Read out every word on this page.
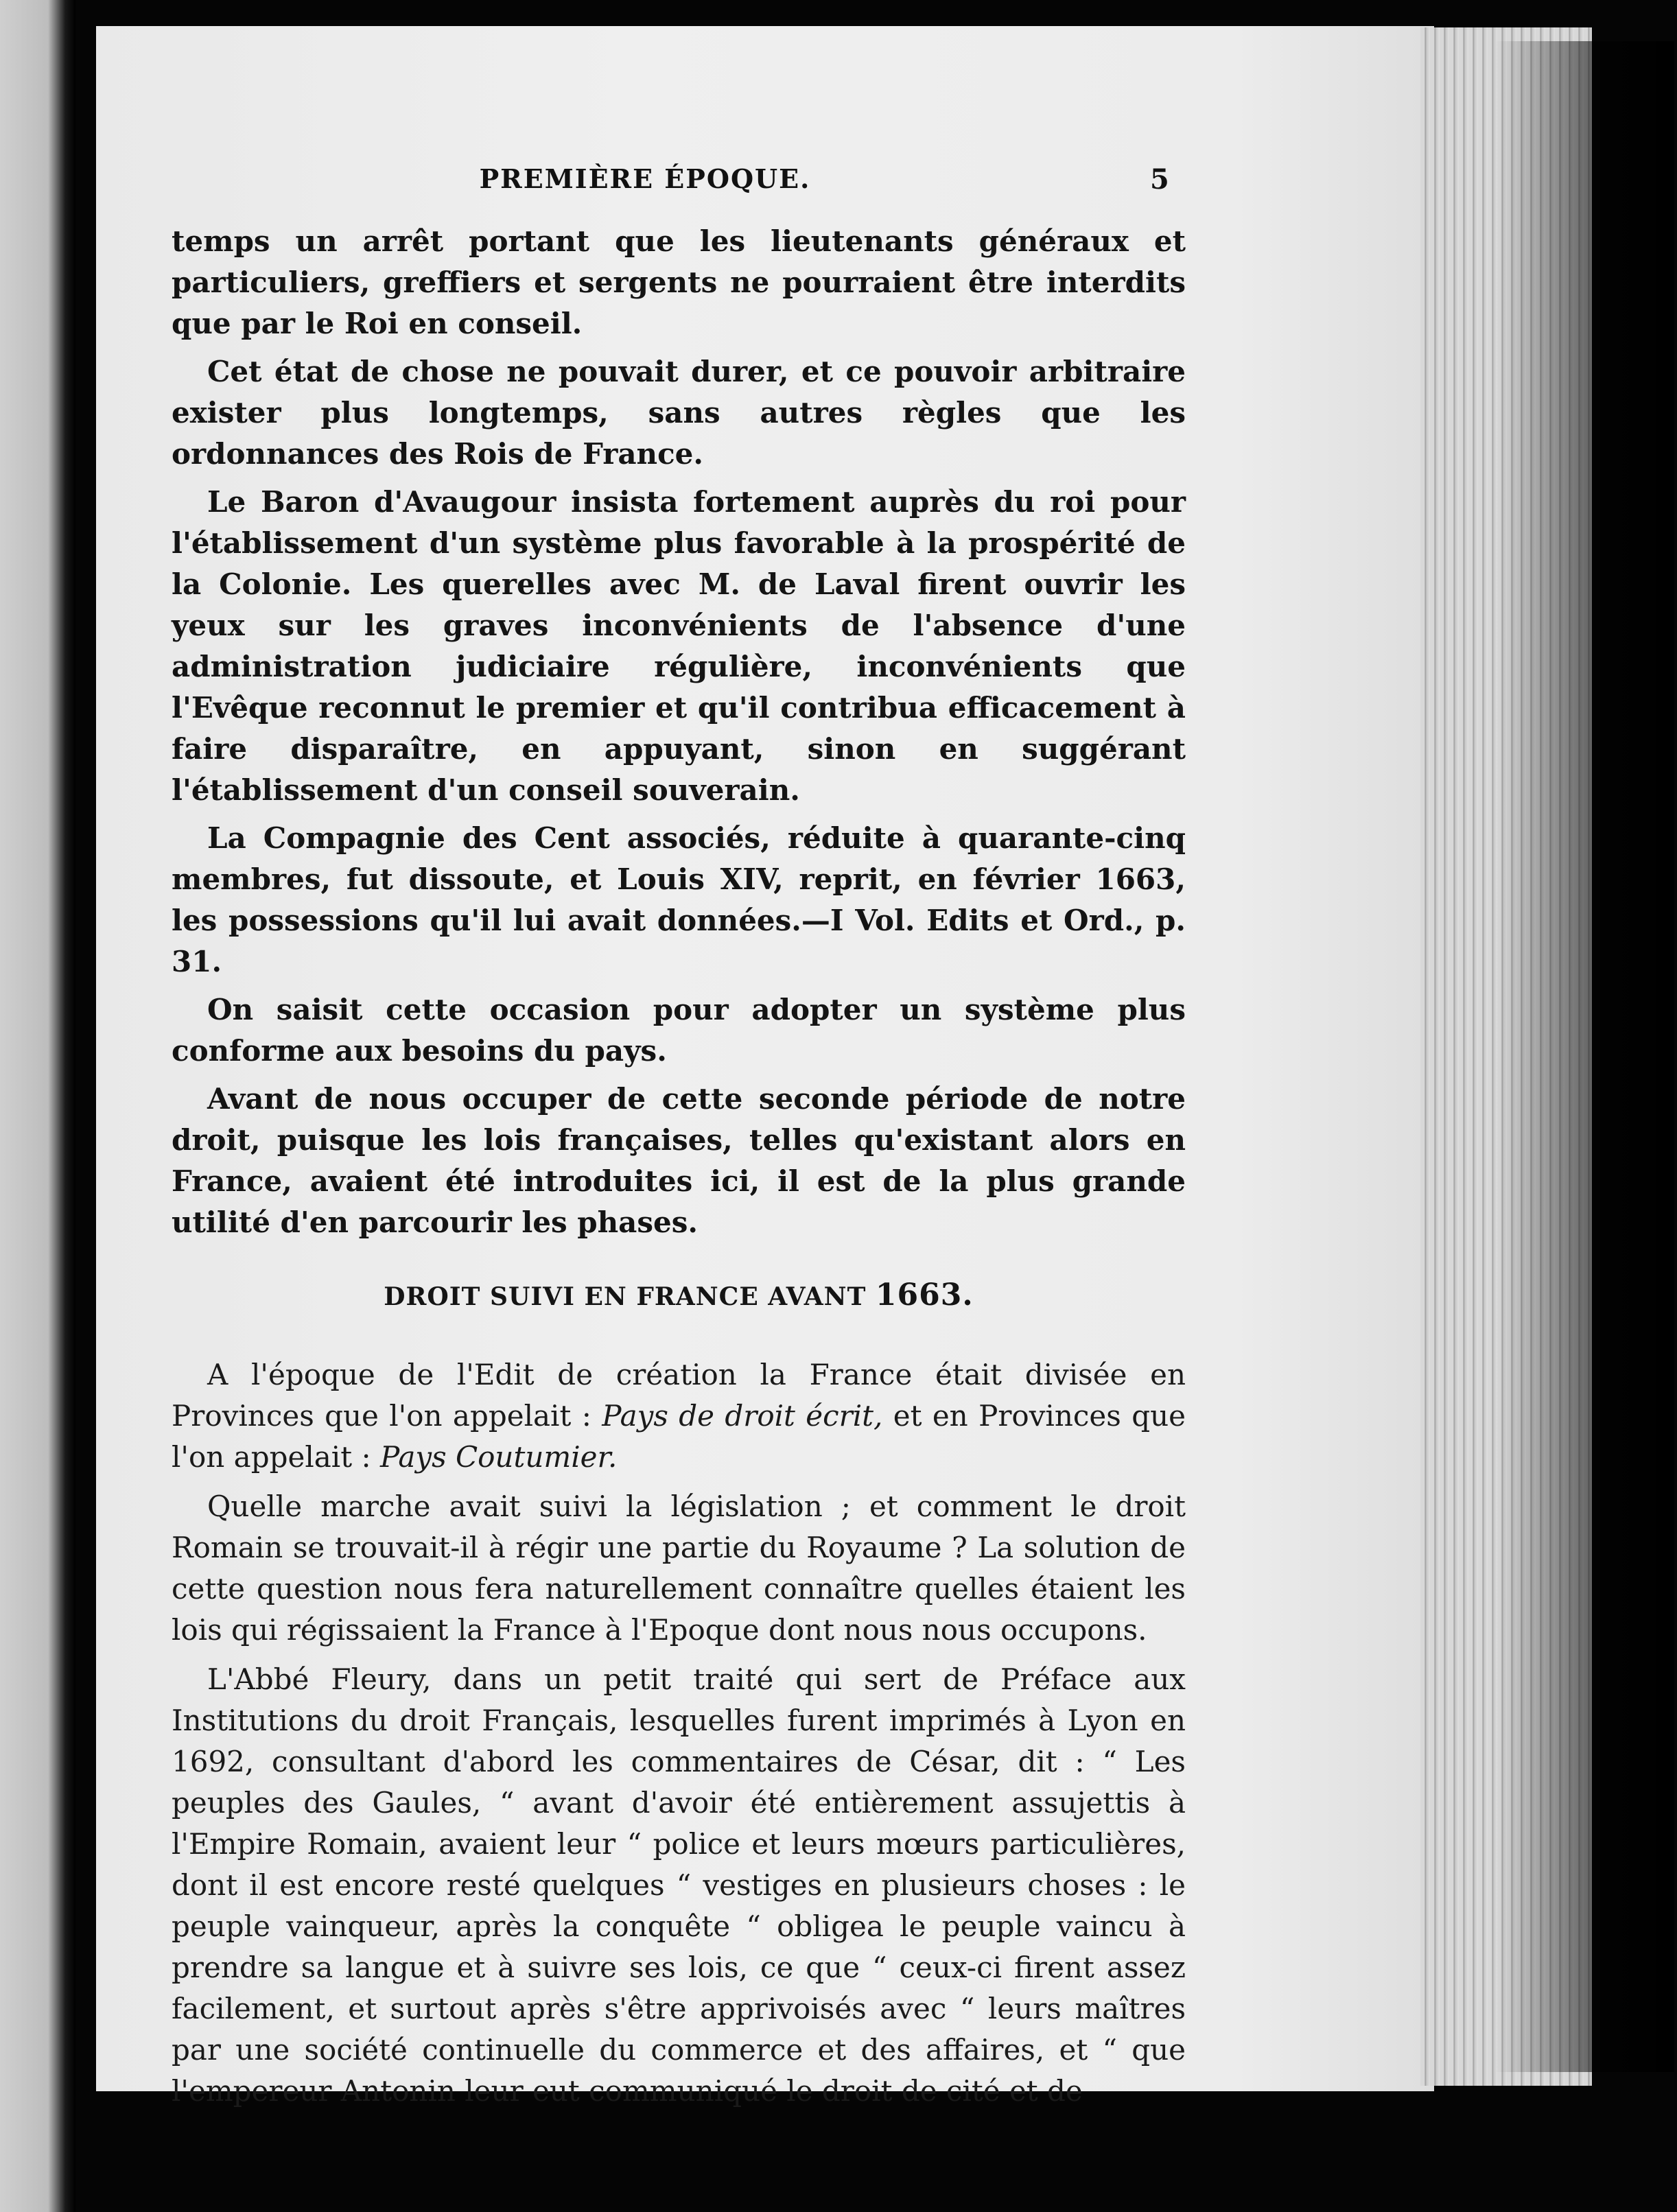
PREMIÈRE ÉPOQUE.	5

temps un arrêt portant que les lieutenants généraux et particuliers, greffiers et sergents ne pourraient être interdits que par le Roi en conseil.

Cet état de chose ne pouvait durer, et ce pouvoir arbitraire exister plus longtemps, sans autres règles que les ordonnances des Rois de France.

Le Baron d'Avaugour insista fortement auprès du roi pour l'établissement d'un système plus favorable à la prospérité de la Colonie. Les querelles avec M. de Laval firent ouvrir les yeux sur les graves inconvénients de l'absence d'une administration judiciaire régulière, inconvénients que l'Evêque reconnut le premier et qu'il contribua efficacement à faire disparaître, en appuyant, sinon en suggérant l'établissement d'un conseil souverain.

La Compagnie des Cent associés, réduite à quarante-cinq membres, fut dissoute, et Louis XIV, reprit, en février 1663, les possessions qu'il lui avait données.—I Vol. Edits et Ord., p. 31.

On saisit cette occasion pour adopter un système plus conforme aux besoins du pays.

Avant de nous occuper de cette seconde période de notre droit, puisque les lois françaises, telles qu'existant alors en France, avaient été introduites ici, il est de la plus grande utilité d'en parcourir les phases.

DROIT SUIVI EN FRANCE AVANT 1663.

A l'époque de l'Edit de création la France était divisée en Provinces que l'on appelait : Pays de droit écrit, et en Provinces que l'on appelait : Pays Coutumier.

Quelle marche avait suivi la législation ; et comment le droit Romain se trouvait-il à régir une partie du Royaume ? La solution de cette question nous fera naturellement connaître quelles étaient les lois qui régissaient la France à l'Epoque dont nous nous occupons.

L'Abbé Fleury, dans un petit traité qui sert de Préface aux Institutions du droit Français, lesquelles furent imprimés à Lyon en 1692, consultant d'abord les commentaires de César, dit : “ Les peuples des Gaules, “ avant d'avoir été entièrement assujettis à l'Empire Romain, avaient leur “ police et leurs mœurs particulières, dont il est encore resté quelques “ vestiges en plusieurs choses : le peuple vainqueur, après la conquête “ obligea le peuple vaincu à prendre sa langue et à suivre ses lois, ce que “ ceux-ci firent assez facilement, et surtout après s'être apprivoisés avec “ leurs maîtres par une société continuelle du commerce et des affaires, et “ que l'empereur Antonin leur eut communiqué le droit de cité et de
